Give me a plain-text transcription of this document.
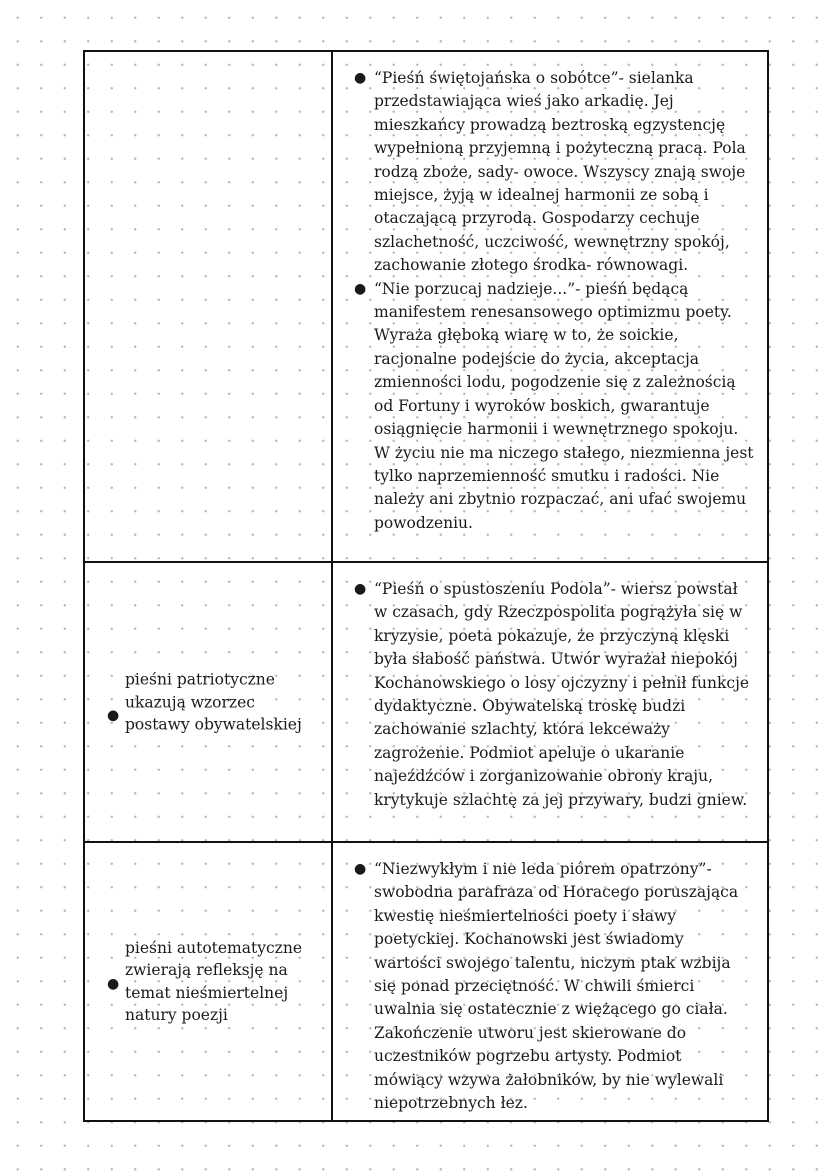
● “Pieśń świętojańska o sobótce”- sielanka przedstawiająca wieś jako arkadię. Jej mieszkańcy prowadzą beztroską egzystencję wypełnioną przyjemną i pożyteczną pracą. Pola rodzą zboże, sady- owoce. Wszyscy znają swoje miejsce, żyją w idealnej harmonii ze sobą i otaczającą przyrodą. Gospodarzy cechuje szlachetność, uczciwość, wewnętrzny spokój, zachowanie złotego środka- równowagi.
● “Nie porzucaj nadzieje...”- pieśń będącą manifestem renesansowego optimizmu poety. Wyraża głęboką wiarę w to, że soickie, racjonalne podejście do życia, akceptacja zmienności lodu, pogodzenie się z zależnością od Fortuny i wyroków boskich, gwarantuje osiągnięcie harmonii i wewnętrznego spokoju. W życiu nie ma niczego stałego, niezmienna jest tylko naprzemienność smutku i radości. Nie należy ani zbytnio rozpaczać, ani ufać swojemu powodzeniu.
●
pieśni patriotyczne ukazują wzorzec postawy obywatelskiej
● “Pieśń o spustoszeniu Podola”- wiersz powstał w czasach, gdy Rzeczpospolita pogrążyła się w kryzysie, poeta pokazuje, że przyczyną klęski była słabość państwa. Utwór wyrażał niepokój Kochanowskiego o losy ojczyzny i pełnił funkcje dydaktyczne. Obywatelską troskę budzi zachowanie szlachty, która lekceważy zagrożenie. Podmiot apeluje o ukaranie najeźdźców i zorganizowanie obrony kraju, krytykuje szlachtę za jej przywary, budzi gniew.
●
pieśni autotematyczne zwierają refleksję na temat nieśmiertelnej natury poezji
● “Niezwykłym i nie leda piórem opatrzony”- swobodna parafraza od Horacego poruszająca kwestię nieśmiertelności poety i sławy poetyckiej. Kochanowski jest świadomy wartości swojego talentu, niczym ptak wzbija się ponad przeciętność. W chwili śmierci uwalnia się ostatecznie z więżącego go ciała. Zakończenie utworu jest skierowane do uczestników pogrzebu artysty. Podmiot mówiący wzywa żałobników, by nie wylewali niepotrzebnych łez.
